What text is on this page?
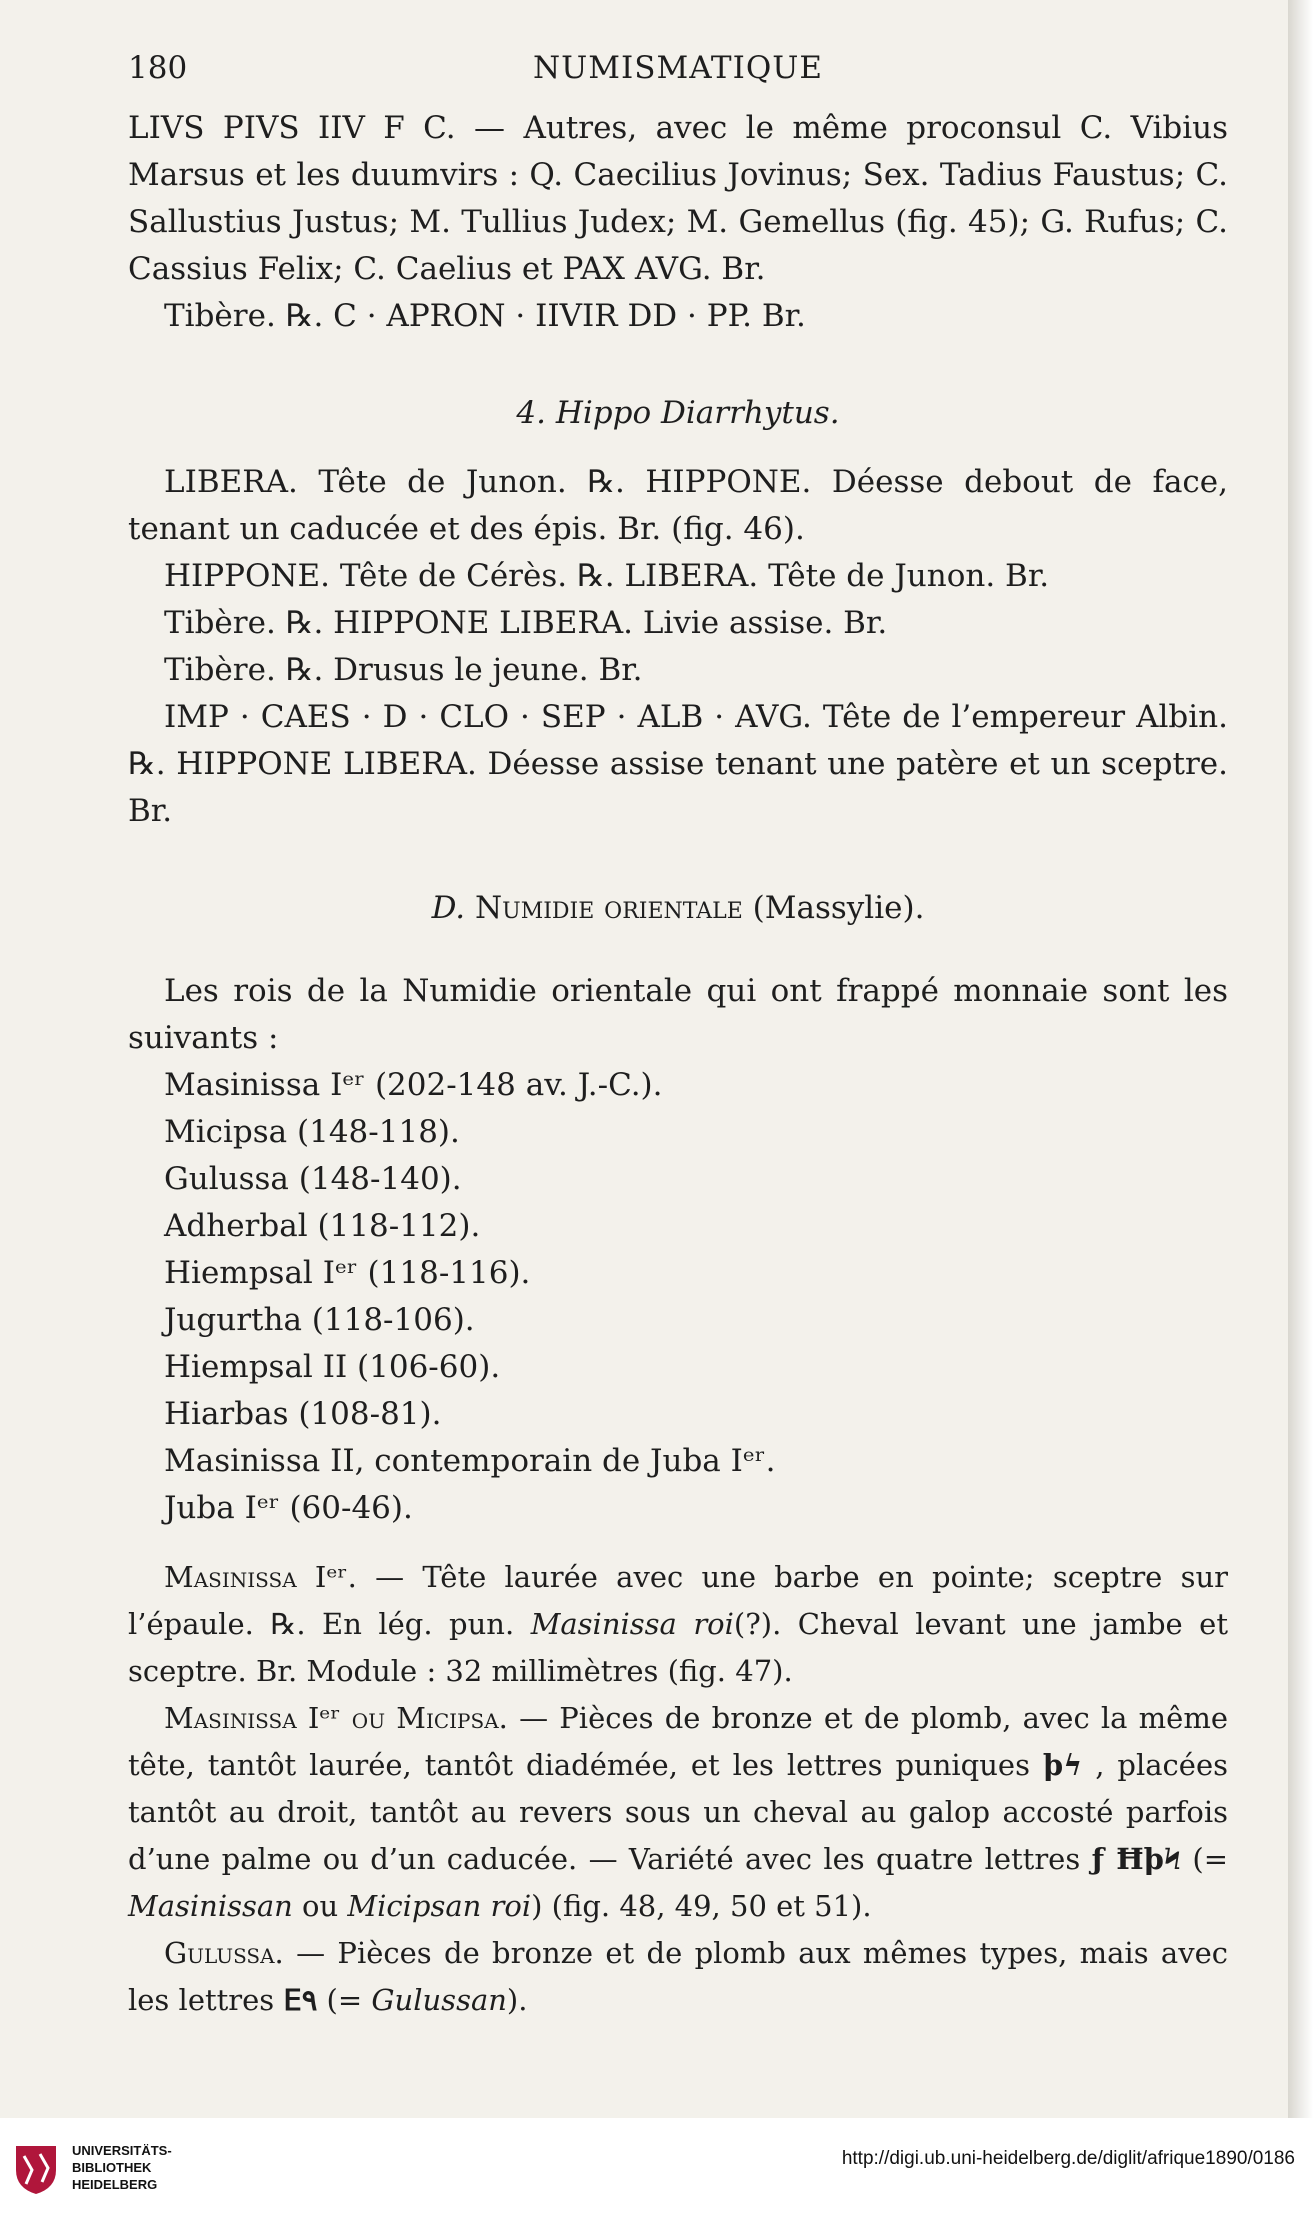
180	NUMISMATIQUE

LIVS PIVS IIV F C. — Autres, avec le même proconsul C. Vibius Marsus et les duumvirs : Q. Caecilius Jovinus; Sex. Tadius Faustus; C. Sallustius Justus; M. Tullius Judex; M. Gemellus (fig. 45); G. Rufus; C. Cassius Felix; C. Caelius et PAX AVG. Br.

Tibère. ℞. C · APRON · IIVIR DD · PP. Br.

4. Hippo Diarrhytus.

LIBERA. Tête de Junon. ℞. HIPPONE. Déesse debout de face, tenant un caducée et des épis. Br. (fig. 46).

HIPPONE. Tête de Cérès. ℞. LIBERA. Tête de Junon. Br.

Tibère. ℞. HIPPONE LIBERA. Livie assise. Br.

Tibère. ℞. Drusus le jeune. Br.

IMP · CAES · D · CLO · SEP · ALB · AVG. Tête de l’empereur Albin. ℞. HIPPONE LIBERA. Déesse assise tenant une patère et un sceptre. Br.

D. Numidie orientale (Massylie).

Les rois de la Numidie orientale qui ont frappé monnaie sont les suivants :

Masinissa Iᵉʳ (202-148 av. J.-C.).

Micipsa (148-118).

Gulussa (148-140).

Adherbal (118-112).

Hiempsal Iᵉʳ (118-116).

Jugurtha (118-106).

Hiempsal II (106-60).

Hiarbas (108-81).

Masinissa II, contemporain de Juba Iᵉʳ.

Juba Iᵉʳ (60-46).

Masinissa Iᵉʳ. — Tête laurée avec une barbe en pointe; sceptre sur l’épaule. ℞. En lég. pun. Masinissa roi(?). Cheval levant une jambe et sceptre. Br. Module : 32 millimètres (fig. 47).

Masinissa Iᵉʳ ou Micipsa. — Pièces de bronze et de plomb, avec la même tête, tantôt laurée, tantôt diadémée, et les lettres puniques ϸϟ , placées tantôt au droit, tantôt au revers sous un cheval au galop accosté parfois d’une palme ou d’un caducée. — Variété avec les quatre lettres ƒ ĦϸϞ (= Masinissan ou Micipsan roi) (fig. 48, 49, 50 et 51).

Gulussa. — Pièces de bronze et de plomb aux mêmes types, mais avec les lettres ⴹ٩ (= Gulussan).

UNIVERSITÄTS-
BIBLIOTHEK
HEIDELBERG
http://digi.ub.uni-heidelberg.de/diglit/afrique1890/0186
